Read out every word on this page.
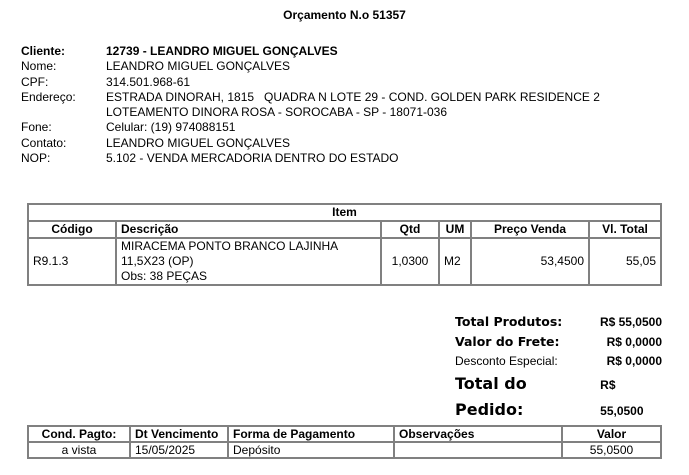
Orçamento N.o 51357
Cliente:	12739 - LEANDRO MIGUEL GONÇALVES
Nome:	LEANDRO MIGUEL GONÇALVES
CPF:	314.501.968-61
Endereço:	ESTRADA DINORAH, 1815   QUADRA N LOTE 29 - COND. GOLDEN PARK RESIDENCE 2
LOTEAMENTO DINORA ROSA - SOROCABA - SP - 18071-036
Fone:	Celular: (19) 974088151
Contato:	LEANDRO MIGUEL GONÇALVES
NOP:	5.102 - VENDA MERCADORIA DENTRO DO ESTADO
Item					
Código	Descrição	Qtd	UM	Preço Venda	Vl. Total
R9.1.3	MIRACEMA PONTO BRANCO LAJINHA
11,5X23 (OP)
Obs: 38 PEÇAS	1,0300	M2	53,4500	55,05
Total Produtos:	R$ 55,0500
Valor do Frete:	R$ 0,0000
Desconto Especial:	R$ 0,0000
Total do Pedido:
R$ 55,0500
Cond. Pagto:	Dt Vencimento	Forma de Pagamento	Observações	Valor
a vista	15/05/2025	Depósito		55,0500
